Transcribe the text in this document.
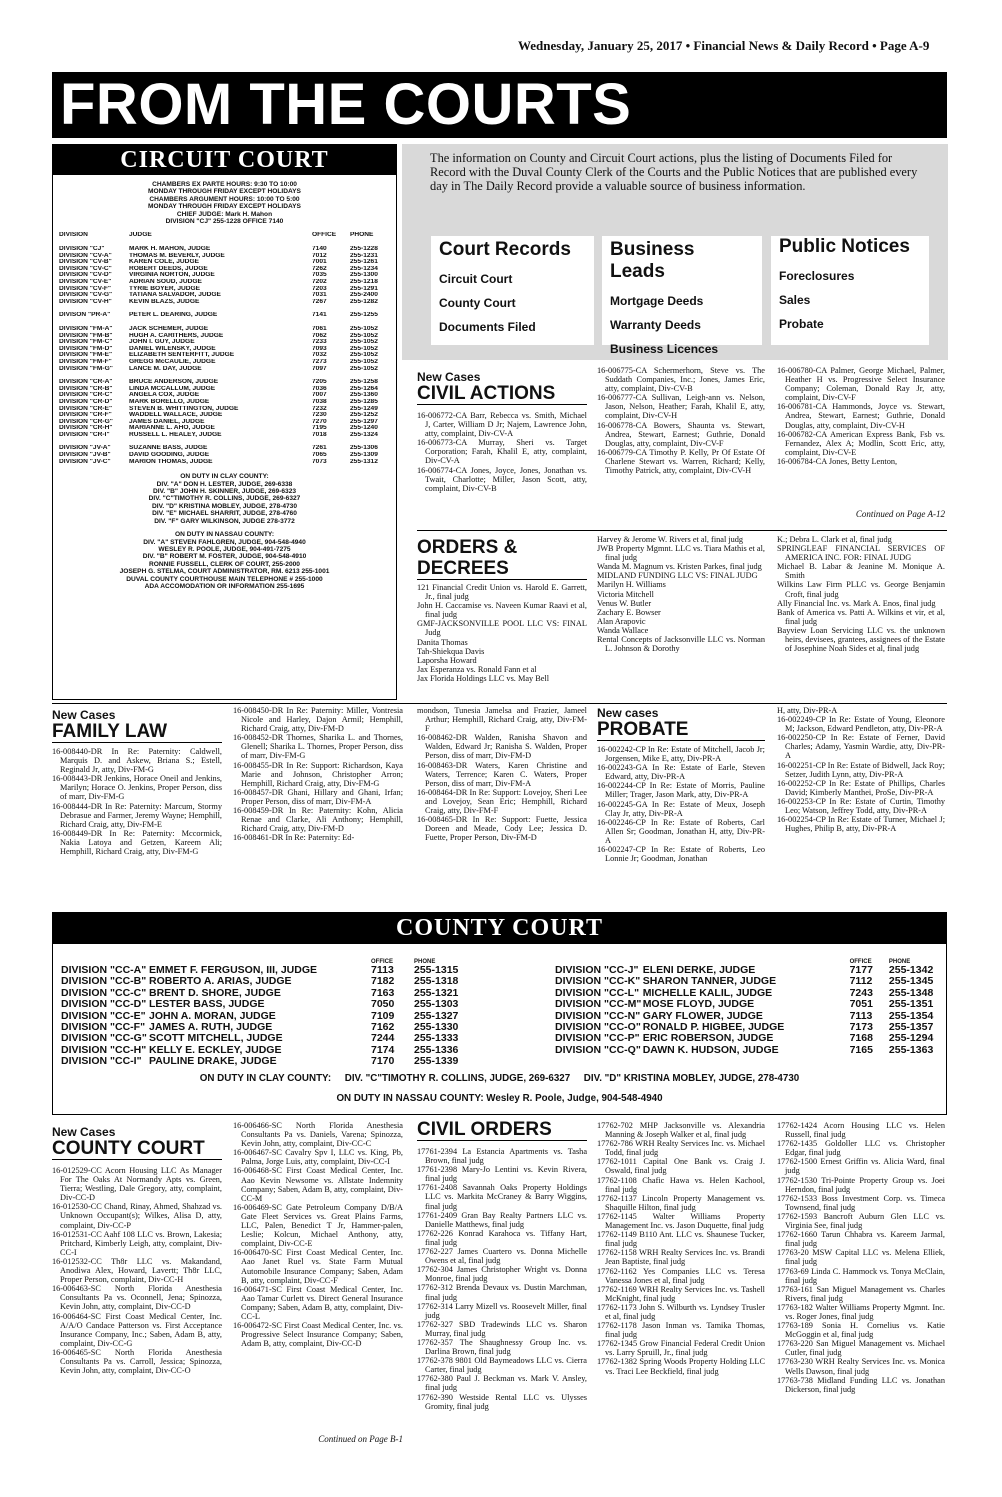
Wednesday, January 25, 2017 • Financial News & Daily Record • Page A-9
FROM THE COURTS
CIRCUIT COURT
CHAMBERS EX PARTE HOURS: 9:30 TO 10:00
MONDAY THROUGH FRIDAY EXCEPT HOLIDAYS
CHAMBERS ARGUMENT HOURS: 10:00 TO 5:00
MONDAY THROUGH FRIDAY EXCEPT HOLIDAYS
CHIEF JUDGE: Mark H. Mahon
DIVISION "CJ" 255-1228 OFFICE 7140
DIVISION	JUDGE	OFFICE	PHONE

DIVISION "CJ"	MARK H. MAHON, JUDGE	7140	255-1228
DIVISION "CV-A"	THOMAS M. BEVERLY, JUDGE	7012	255-1231
DIVISION "CV-B"	KAREN COLE, JUDGE	7001	255-1261
DIVISION "CV-C"	ROBERT DEEDS, JUDGE	7262	255-1234
DIVISION "CV-D"	VIRGINIA NORTON, JUDGE	7035	255-1300
DIVISION "CV-E"	ADRIAN SOUD, JUDGE	7202	255-1218
DIVISION "CV-F"	TYRIE BOYER, JUDGE	7203	255-1291
DIVISION "CV-G"	TATIANA SALVADOR, JUDGE	7031	255-2400
DIVISION "CV-H"	KEVIN BLAZS, JUDGE	7267	255-1282

DIVISON "PR-A"	PETER L. DEARING, JUDGE	7141	255-1255

DIVISION "FM-A"	JACK SCHEMER, JUDGE	7061	255-1052
DIVISION "FM-B"	HUGH A. CARITHERS, JUDGE	7062	255-1052
DIVISION "FM-C"	JOHN I. GUY, JUDGE	7233	255-1052
DIVISION "FM-D"	DANIEL WILENSKY, JUDGE	7093	255-1052
DIVISION "FM-E"	ELIZABETH SENTERFITT, JUDGE	7032	255-1052
DIVISION "FM-F"	GREGG McCAULIE, JUDGE	7273	255-1052
DIVISION "FM-G"	LANCE M. DAY, JUDGE	7097	255-1052

DIVISION "CR-A"	BRUCE ANDERSON, JUDGE	7205	255-1258
DIVISION "CR-B"	LINDA MCCALLUM, JUDGE	7036	255-1264
DIVISION "CR-C"	ANGELA COX, JUDGE	7007	255-1360
DIVISION "CR-D"	MARK BORELLO, JUDGE	7038	255-1285
DIVISION "CR-E"	STEVEN B. WHITTINGTON, JUDGE	7232	255-1249
DIVISION "CR-F"	WADDELL WALLACE, JUDGE	7230	255-1252
DIVISION "CR-G"	JAMES DANIEL, JUDGE	7270	255-1297
DIVISION "CR-H"	MARIANNE L. AHO, JUDGE	7195	255-1240
DIVISION "CR-I"	RUSSELL L. HEALEY, JUDGE	7018	255-1324

DIVISION "JV-A"	SUZANNE BASS, JUDGE	7261	255-1306
DIVISION "JV-B"	DAVID GOODING, JUDGE	7065	255-1309
DIVISION "JV-C"	MARION THOMAS, JUDGE	7073	255-1312
ON DUTY IN CLAY COUNTY:
DIV. "A" DON H. LESTER, JUDGE, 269-6338
DIV. "B" JOHN H. SKINNER, JUDGE, 269-6323
DIV. "C"TIMOTHY R. COLLINS, JUDGE, 269-6327
DIV. "D" KRISTINA MOBLEY, JUDGE, 278-4730
DIV. "E" MICHAEL SHARRIT, JUDGE, 278-4760
DIV. "F" GARY WILKINSON, JUDGE 278-3772
ON DUTY IN NASSAU COUNTY:
DIV. "A" STEVEN FAHLGREN, JUDGE, 904-548-4940
WESLEY R. POOLE, JUDGE, 904-491-7275
DIV. "B" ROBERT M. FOSTER, JUDGE, 904-548-4910
RONNIE FUSSELL, CLERK OF COURT, 255-2000
JOSEPH G. STELMA, COURT ADMINISTRATOR, RM. 6213 255-1001
DUVAL COUNTY COURTHOUSE MAIN TELEPHONE # 255-1000
ADA ACCOMODATION OR INFORMATION 255-1695
The information on County and Circuit Court actions, plus the listing of Documents Filed for Record with the Duval County Clerk of the Courts and the Public Notices that are published every day in The Daily Record provide a valuable source of business information.
Court Records
Circuit Court
County Court
Documents Filed
Business Leads
Mortgage Deeds
Warranty Deeds
Business Licences
Public Notices
Foreclosures
Sales
Probate
New Cases
CIVIL ACTIONS

16-006772-CA Barr, Rebecca vs. Smith, Michael J, Carter, William D Jr; Najem, Lawrence John, atty, complaint, Div-CV-A

16-006773-CA Murray, Sheri vs. Target Corporation; Farah, Khalil E, atty, complaint, Div-CV-A

16-006774-CA Jones, Joyce, Jones, Jonathan vs. Twait, Charlotte; Miller, Jason Scott, atty, complaint, Div-CV-B

16-006775-CA Schermerhorn, Steve vs. The Suddath Companies, Inc.; Jones, James Eric, atty, complaint, Div-CV-B

16-006777-CA Sullivan, Leigh-ann vs. Nelson, Jason, Nelson, Heather; Farah, Khalil E, atty, complaint, Div-CV-H

16-006778-CA Bowers, Shaunta vs. Stewart, Andrea, Stewart, Earnest; Guthrie, Donald Douglas, atty, complaint, Div-CV-F

16-006779-CA Timothy P. Kelly, Pr Of Estate Of Charlene Stewart vs. Warren, Richard; Kelly, Timothy Patrick, atty, complaint, Div-CV-H

16-006780-CA Palmer, George Michael, Palmer, Heather H vs. Progressive Select Insurance Company; Coleman, Donald Ray Jr, atty, complaint, Div-CV-F

16-006781-CA Hammonds, Joyce vs. Stewart, Andrea, Stewart, Earnest; Guthrie, Donald Douglas, atty, complaint, Div-CV-H

16-006782-CA American Express Bank, Fsb vs. Fernandez, Alex A; Modlin, Scott Eric, atty, complaint, Div-CV-E

16-006784-CA Jones, Betty Lenton,

Continued on Page A-12
ORDERS & DECREES

121 Financial Credit Union vs. Harold E. Garrett, Jr., final judg

John H. Caccamise vs. Naveen Kumar Raavi et al, final judg

GMF-JACKSONVILLE POOL LLC VS: FINAL Judg

Danita Thomas

Tah-Shiekqua Davis

Laporsha Howard

Jax Esperanza vs. Ronald Fann et al

Jax Florida Holdings LLC vs. May Bell

Harvey & Jerome W. Rivers et al, final judg

JWB Property Mgmnt. LLC vs. Tiara Mathis et al, final judg

Wanda M. Magnum vs. Kristen Parkes, final judg

MIDLAND FUNDING LLC VS: FINAL JUDG

Marilyn H. Williams

Victoria Mitchell

Venus W. Butler

Zachary E. Bowser

Alan Arapovic

Wanda Wallace

Rental Concepts of Jacksonville LLC vs. Norman L. Johnson & Dorothy

K.; Debra L. Clark et al, final judg

SPRINGLEAF FINANCIAL SERVICES OF AMERICA INC. FOR: FINAL JUDG

Michael B. Labar & Jeanine M. Monique A. Smith

Wilkins Law Firm PLLC vs. George Benjamin Croft, final judg

Ally Financial Inc. vs. Mark A. Enos, final judg

Bank of America vs. Patti A. Wilkins et vir, et al, final judg

Bayview Loan Servicing LLC vs. the unknown heirs, devisees, grantees, assignees of the Estate of Josephine Noah Sides et al, final judg

New Cases
FAMILY LAW

16-008440-DR In Re: Paternity: Caldwell, Marquis D. and Askew, Briana S.; Estell, Reginald Jr, atty, Div-FM-G

16-008443-DR Jenkins, Horace Oneil and Jenkins, Marilyn; Horace O. Jenkins, Proper Person, diss of marr, Div-FM-G

16-008444-DR In Re: Paternity: Marcum, Stormy Debrasue and Farmer, Jeremy Wayne; Hemphill, Richard Craig, atty, Div-FM-E

16-008449-DR In Re: Paternity: Mccormick, Nakia Latoya and Getzen, Kareem Ali; Hemphill, Richard Craig, atty, Div-FM-G

16-008450-DR In Re: Paternity: Miller, Vontresia Nicole and Harley, Dajon Armil; Hemphill, Richard Craig, atty, Div-FM-D

16-008452-DR Thornes, Sharika L. and Thornes, Glenell; Sharika L. Thornes, Proper Person, diss of marr, Div-FM-G

16-008455-DR In Re: Support: Richardson, Kaya Marie and Johnson, Christopher Arron; Hemphill, Richard Craig, atty, Div-FM-G

16-008457-DR Ghani, Hillary and Ghani, Irfan; Proper Person, diss of marr, Div-FM-A

16-008459-DR In Re: Paternity: Kohn, Alicia Renae and Clarke, Ali Anthony; Hemphill, Richard Craig, atty, Div-FM-D

16-008461-DR In Re: Paternity: Ed-

mondson, Tunesia Jamelsa and Frazier, Jameel Arthur; Hemphill, Richard Craig, atty, Div-FM-F

16-008462-DR Walden, Ranisha Shavon and Walden, Edward Jr; Ranisha S. Walden, Proper Person, diss of marr, Div-FM-D

16-008463-DR Waters, Karen Christine and Waters, Terrence; Karen C. Waters, Proper Person, diss of marr, Div-FM-A

16-008464-DR In Re: Support: Lovejoy, Sheri Lee and Lovejoy, Sean Eric; Hemphill, Richard Craig, atty, Div-FM-F

16-008465-DR In Re: Support: Fuette, Jessica Doreen and Meade, Cody Lee; Jessica D. Fuette, Proper Person, Div-FM-D

New cases
PROBATE

16-002242-CP In Re: Estate of Mitchell, Jacob Jr; Jorgensen, Mike E, atty, Div-PR-A

16-002243-GA In Re: Estate of Earle, Steven Edward, atty, Div-PR-A

16-002244-CP In Re: Estate of Morris, Pauline Miller; Trager, Jason Mark, atty, Div-PR-A

16-002245-GA In Re: Estate of Meux, Joseph Clay Jr, atty, Div-PR-A

16-002246-CP In Re: Estate of Roberts, Carl Allen Sr; Goodman, Jonathan H, atty, Div-PR-A

16-002247-CP In Re: Estate of Roberts, Leo Lonnie Jr; Goodman, Jonathan

H, atty, Div-PR-A

16-002249-CP In Re: Estate of Young, Eleonore M; Jackson, Edward Pendleton, atty, Div-PR-A

16-002250-CP In Re: Estate of Ferner, David Charles; Adamy, Yasmin Wardie, atty, Div-PR-A

16-002251-CP In Re: Estate of Bidwell, Jack Roy; Setzer, Judith Lynn, atty, Div-PR-A

16-002252-CP In Re: Estate of Phillips, Charles David; Kimberly Manthei, ProSe, Div-PR-A

16-002253-CP In Re: Estate of Curtin, Timothy Leo; Watson, Jeffrey Todd, atty, Div-PR-A

16-002254-CP In Re: Estate of Turner, Michael J; Hughes, Philip B, atty, Div-PR-A

COUNTY COURT
		OFFICE	PHONE
DIVISION "CC-A"	EMMET F. FERGUSON, III, JUDGE	7113	255-1315
DIVISION "CC-B"	ROBERTO A. ARIAS, JUDGE	7182	255-1318
DIVISION "CC-C"	BRENT D. SHORE, JUDGE	7163	255-1321
DIVISION "CC-D"	LESTER BASS, JUDGE	7050	255-1303
DIVISION "CC-E"	JOHN A. MORAN, JUDGE	7109	255-1327
DIVISION "CC-F"	JAMES A. RUTH, JUDGE	7162	255-1330
DIVISION "CC-G"	SCOTT MITCHELL, JUDGE	7244	255-1333
DIVISION "CC-H"	KELLY E. ECKLEY, JUDGE	7174	255-1336
DIVISION "CC-I"	PAULINE DRAKE, JUDGE	7170	255-1339
		OFFICE	PHONE
DIVISION "CC-J"	ELENI DERKE, JUDGE	7177	255-1342
DIVISION "CC-K"	SHARON TANNER, JUDGE	7112	255-1345
DIVISION "CC-L"	MICHELLE KALIL, JUDGE	7243	255-1348
DIVISION "CC-M"	MOSE FLOYD, JUDGE	7051	255-1351
DIVISION "CC-N"	GARY FLOWER, JUDGE	7113	255-1354
DIVISION "CC-O"	RONALD P. HIGBEE, JUDGE	7173	255-1357
DIVISION "CC-P"	ERIC ROBERSON, JUDGE	7168	255-1294
DIVISION "CC-Q"	DAWN K. HUDSON, JUDGE	7165	255-1363
ON DUTY IN CLAY COUNTY:     DIV. "C"TIMOTHY R. COLLINS, JUDGE, 269-6327     DIV. "D" KRISTINA MOBLEY, JUDGE, 278-4730
ON DUTY IN NASSAU COUNTY: Wesley R. Poole, Judge, 904-548-4940
New Cases
COUNTY COURT

16-012529-CC Acorn Housing LLC As Manager For The Oaks At Normandy Apts vs. Green, Tierra; Westling, Dale Gregory, atty, complaint, Div-CC-D

16-012530-CC Chand, Rinay, Ahmed, Shahzad vs. Unknown Occupant(s); Wilkes, Alisa D, atty, complaint, Div-CC-P

16-012531-CC Aahf 108 LLC vs. Brown, Lakesia; Pritchard, Kimberly Leigh, atty, complaint, Div-CC-I

16-012532-CC Th8r LLC vs. Makandand, Anodiwa Alex, Howard, Lavertt; Th8r LLC, Proper Person, complaint, Div-CC-H

16-006463-SC North Florida Anesthesia Consultants Pa vs. Oconnell, Jena; Spinozza, Kevin John, atty, complaint, Div-CC-D

16-006464-SC First Coast Medical Center, Inc. A/A/O Candace Patterson vs. First Acceptance Insurance Company, Inc.; Saben, Adam B, atty, complaint, Div-CC-G

16-006465-SC North Florida Anesthesia Consultants Pa vs. Carroll, Jessica; Spinozza, Kevin John, atty, complaint, Div-CC-O

16-006466-SC North Florida Anesthesia Consultants Pa vs. Daniels, Varena; Spinozza, Kevin John, atty, complaint, Div-CC-C

16-006467-SC Cavalry Spv I, LLC vs. King, Pb, Palma, Jorge Luis, atty, complaint, Div-CC-I

16-006468-SC First Coast Medical Center, Inc. Aao Kevin Newsome vs. Allstate Indemnity Company; Saben, Adam B, atty, complaint, Div-CC-M

16-006469-SC Gate Petroleum Company D/B/A Gate Fleet Services vs. Great Plains Farms, LLC, Palen, Benedict T Jr, Hammer-palen, Leslie; Kolcun, Michael Anthony, atty, complaint, Div-CC-E

16-006470-SC First Coast Medical Center, Inc. Aao Janet Ruel vs. State Farm Mutual Automobile Insurance Company; Saben, Adam B, atty, complaint, Div-CC-F

16-006471-SC First Coast Medical Center, Inc. Aao Tamar Curlett vs. Direct General Insurance Company; Saben, Adam B, atty, complaint, Div-CC-L

16-006472-SC First Coast Medical Center, Inc. vs. Progressive Select Insurance Company; Saben, Adam B, atty, complaint, Div-CC-D

Continued on Page B-1
CIVIL ORDERS

17761-2394 La Estancia Apartments vs. Tasha Brown, final judg

17761-2398 Mary-Jo Lentini vs. Kevin Rivera, final judg

17761-2408 Savannah Oaks Property Holdings LLC vs. Markita McCraney & Barry Wiggins, final judg

17761-2409 Gran Bay Realty Partners LLC vs. Danielle Matthews, final judg

17762-226 Konrad Karahoca vs. Tiffany Hart, final judg

17762-227 James Cuartero vs. Donna Michelle Owens et al, final judg

17762-304 James Christopher Wright vs. Donna Monroe, final judg

17762-312 Brenda Devaux vs. Dustin Marchman, final judg

17762-314 Larry Mizell vs. Roosevelt Miller, final judg

17762-327 SBD Tradewinds LLC vs. Sharon Murray, final judg

17762-357 The Shaughnessy Group Inc. vs. Darlina Brown, final judg

17762-378 9801 Old Baymeadows LLC vs. Cierra Carter, final judg

17762-380 Paul J. Beckman vs. Mark V. Ansley, final judg

17762-390 Westside Rental LLC vs. Ulysses Gromity, final judg

17762-702 MHP Jacksonville vs. Alexandria Manning & Joseph Walker et al, final judg

17762-786 WRH Realty Services Inc. vs. Michael Todd, final judg

17762-1011 Capital One Bank vs. Craig J. Oswald, final judg

17762-1108 Chafic Hawa vs. Helen Kachool, final judg

17762-1137 Lincoln Property Management vs. Shaquille Hilton, final judg

17762-1145 Walter Williams Property Management Inc. vs. Jason Duquette, final judg

17762-1149 B110 Ant. LLC vs. Shaunese Tucker, final judg

17762-1158 WRH Realty Services Inc. vs. Brandi Jean Baptiste, final judg

17762-1162 Yes Companies LLC vs. Teresa Vanessa Jones et al, final judg

17762-1169 WRH Realty Services Inc. vs. Tashell McKnight, final judg

17762-1173 John S. Wilburth vs. Lyndsey Trusler et al, final judg

17762-1178 Jason Inman vs. Tamika Thomas, final judg

17762-1345 Grow Financial Federal Credit Union vs. Larry Spruill, Jr., final judg

17762-1382 Spring Woods Property Holding LLC vs. Traci Lee Beckfield, final judg

17762-1424 Acorn Housing LLC vs. Helen Russell, final judg

17762-1435 Goldoller LLC vs. Christopher Edgar, final judg

17762-1500 Ernest Griffin vs. Alicia Ward, final judg

17762-1530 Tri-Pointe Property Group vs. Joei Herndon, final judg

17762-1533 Boss Investment Corp. vs. Timeca Townsend, final judg

17762-1593 Bancroft Auburn Glen LLC vs. Virginia See, final judg

17762-1660 Tarun Chhabra vs. Kareem Jarmal, final judg

17763-20 MSW Capital LLC vs. Melena Elliek, final judg

17763-69 Linda C. Hammock vs. Tonya McClain, final judg

17763-161 San Miguel Management vs. Charles Rivers, final judg

17763-182 Walter Williams Property Mgmnt. Inc. vs. Roger Jones, final judg

17763-189 Sonia H. Cornelius vs. Katie McGoggin et al, final judg

17763-220 San Miguel Management vs. Michael Cutler, final judg

17763-230 WRH Realty Services Inc. vs. Monica Wells Dawson, final judg

17763-738 Midland Funding LLC vs. Jonathan Dickerson, final judg
